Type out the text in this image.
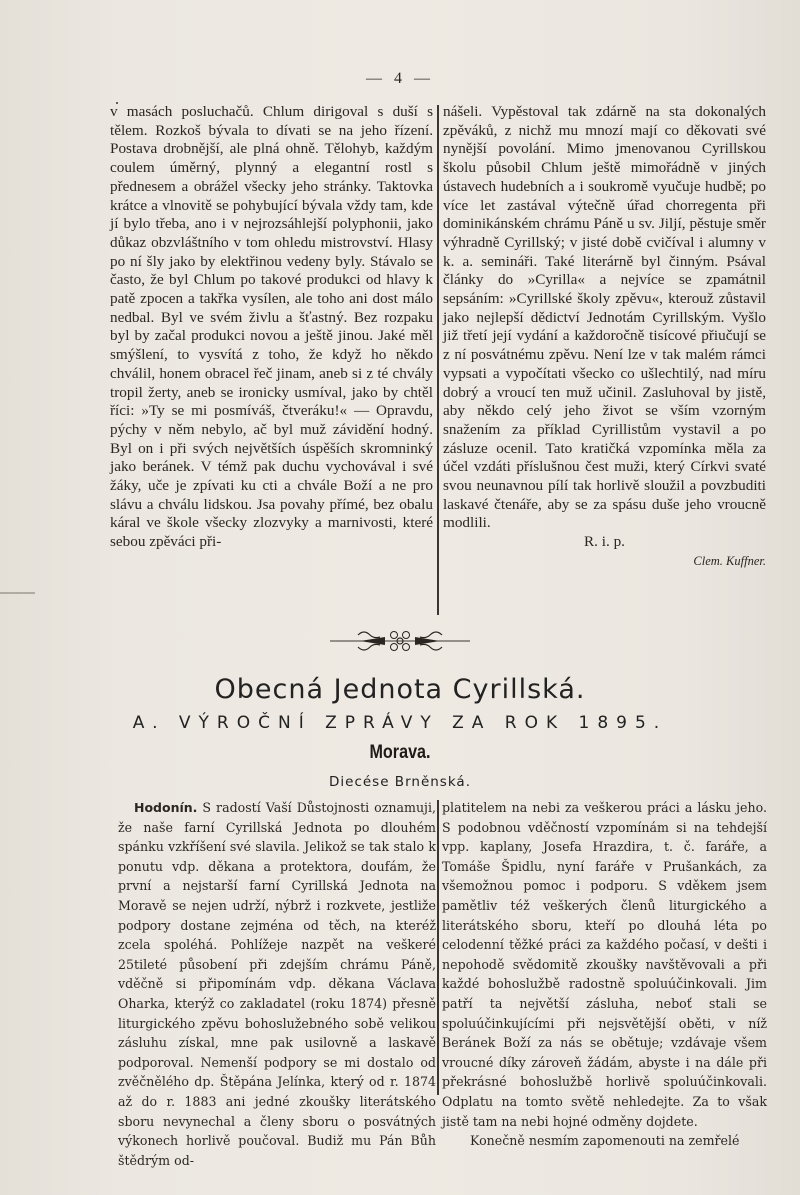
— 4 —

v masách posluchačů. Chlum dirigoval s duší s tělem. Rozkoš bývala to dívati se na jeho řízení. Postava drobnější, ale plná ohně. Tělohyb, každým coulem úměrný, plynný a elegantní rostl s přednesem a obrážel všecky jeho stránky. Taktovka krátce a vlnovitě se pohybující bývala vždy tam, kde jí bylo třeba, ano i v nejrozsáhlejší polyphonii, jako důkaz obzvláštního v tom ohledu mistrovství. Hlasy po ní šly jako by elektřinou vedeny byly. Stávalo se často, že byl Chlum po takové produkci od hlavy k patě zpocen a takřka vysílen, ale toho ani dost málo nedbal. Byl ve svém živlu a šťastný. Bez rozpaku byl by začal produkci novou a ještě jinou. Jaké měl smýšlení, to vysvítá z toho, že když ho někdo chválil, honem obracel řeč jinam, aneb si z té chvály tropil žerty, aneb se ironicky usmíval, jako by chtěl říci: »Ty se mi posmíváš, čtveráku!« — Opravdu, pýchy v něm nebylo, ač byl muž závidění hodný. Byl on i při svých největších úspěších skromninký jako beránek. V témž pak duchu vychovával i své žáky, uče je zpívati ku cti a chvále Boží a ne pro slávu a chválu lidskou. Jsa povahy přímé, bez obalu káral ve škole všecky zlozvyky a marnivosti, které sebou zpěváci při-

nášeli. Vypěstoval tak zdárně na sta dokonalých zpěváků, z nichž mu mnozí mají co děkovati své nynější povolání. Mimo jmenovanou Cyrillskou školu působil Chlum ještě mimořádně v jiných ústavech hudebních a i soukromě vyučuje hudbě; po více let zastával výtečně úřad chorregenta při dominikánském chrámu Páně u sv. Jiljí, pěstuje směr výhradně Cyrillský; v jisté době cvičíval i alumny v k. a. semináři. Také literárně byl činným. Psával články do »Cyrilla« a nejvíce se zpamátnil sepsáním: »Cyrillské školy zpěvu«, kterouž zůstavil jako nejlepší dědictví Jednotám Cyrillským. Vyšlo již třetí její vydání a každoročně tisícové přiučují se z ní posvátnému zpěvu. Není lze v tak malém rámci vypsati a vypočítati všecko co ušlechtilý, nad míru dobrý a vroucí ten muž učinil. Zasluhoval by jistě, aby někdo celý jeho život se vším vzorným snažením za příklad Cyrillistům vystavil a po zásluze ocenil. Tato kratičká vzpomínka měla za účel vzdáti příslušnou čest muži, který Církvi svaté svou neunavnou pílí tak horlivě sloužil a povzbuditi laskavé čtenáře, aby se za spásu duše jeho vroucně modlili.

R. i. p.

Clem. Kuffner.

Obecná Jednota Cyrillská.
A. VÝROČNÍ ZPRÁVY ZA ROK 1895.
Morava.
Diecése Brněnská.

Hodonín. S radostí Vaší Důstojnosti oznamuji, že naše farní Cyrillská Jednota po dlouhém spánku vzkříšení své slavila. Jelikož se tak stalo k ponutu vdp. děkana a protektora, doufám, že první a nejstarší farní Cyrillská Jednota na Moravě se nejen udrží, nýbrž i rozkvete, jestliže podpory dostane zejména od těch, na kteréž zcela spoléhá. Pohlížeje nazpět na veškeré 25tileté působení při zdejším chrámu Páně, vděčně si připomínám vdp. děkana Václava Oharka, kterýž co zakladatel (roku 1874) přesně liturgického zpěvu bohoslužebného sobě velikou zásluhu získal, mne pak usilovně a laskavě podporoval. Nemenší podpory se mi dostalo od zvěčnělého dp. Štěpána Jelínka, který od r. 1874 až do r. 1883 ani jedné zkoušky literátského sboru nevynechal a členy sboru o posvátných výkonech horlivě poučoval. Budiž mu Pán Bůh štědrým od-

platitelem na nebi za veškerou práci a lásku jeho. S podobnou vděčností vzpomínám si na tehdejší vpp. kaplany, Josefa Hrazdira, t. č. faráře, a Tomáše Špidlu, nyní faráře v Prušankách, za všemožnou pomoc i podporu. S vděkem jsem pamětliv též veškerých členů liturgického a literátského sboru, kteří po dlouhá léta po celodenní těžké práci za každého počasí, v dešti i nepohodě svědomitě zkoušky navštěvovali a při každé bohoslužbě radostně spoluúčinkovali. Jim patří ta největší zásluha, neboť stali se spoluúčinkujícími při nejsvětější oběti, v níž Beránek Boží za nás se obětuje; vzdávaje všem vroucné díky zároveň žádám, abyste i na dále při překrásné bohoslužbě horlivě spoluúčinkovali. Odplatu na tomto světě nehledejte. Za to však jistě tam na nebi hojné odměny dojdete.

Konečně nesmím zapomenouti na zemřelé
